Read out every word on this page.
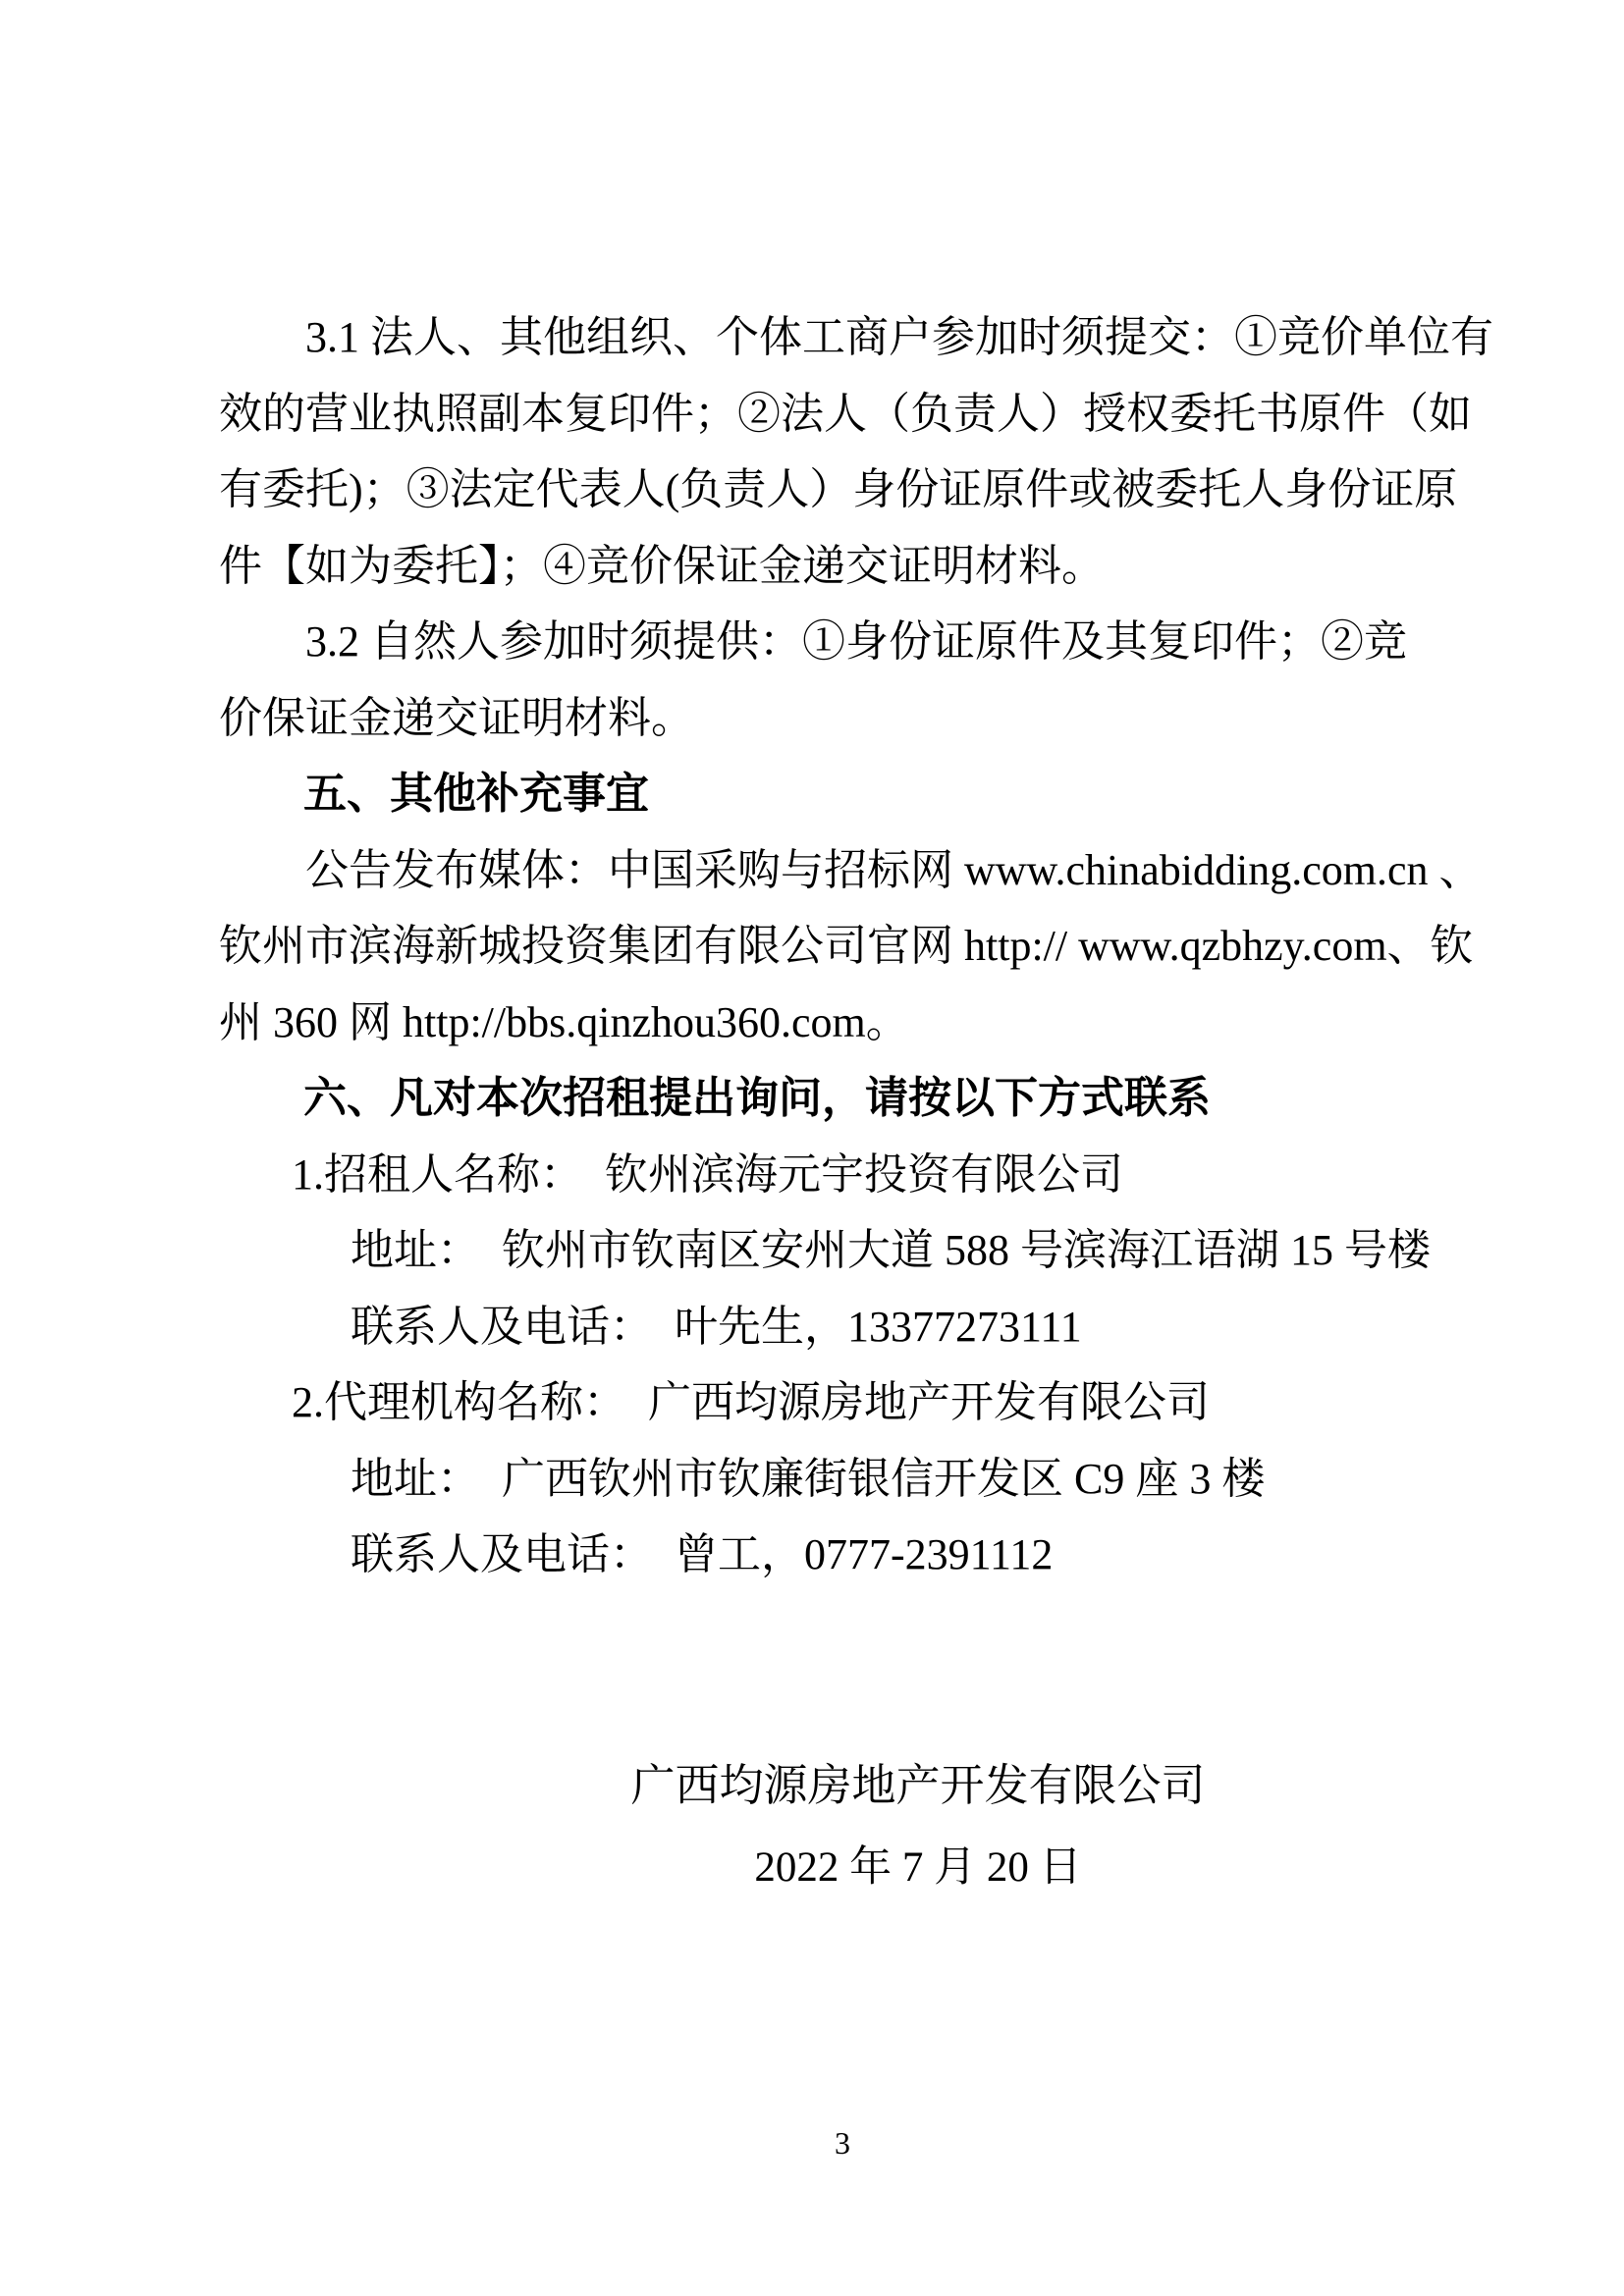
3.1 法人、其他组织、个体工商户参加时须提交：①竞价单位有
效的营业执照副本复印件；②法人（负责人）授权委托书原件（如
有委托)；③法定代表人(负责人）身份证原件或被委托人身份证原
件【如为委托】；④竞价保证金递交证明材料。
3.2 自然人参加时须提供：①身份证原件及其复印件；②竞
价保证金递交证明材料。
五、其他补充事宜
公告发布媒体：中国采购与招标网 www.chinabidding.com.cn 、
钦州市滨海新城投资集团有限公司官网 http:// www.qzbhzy.com、钦
州 360 网 http://bbs.qinzhou360.com。
六、凡对本次招租提出询问，请按以下方式联系
1.招租人名称：　钦州滨海元宇投资有限公司
地址：  钦州市钦南区安州大道 588 号滨海江语湖 15 号楼
联系人及电话：  叶先生，13377273111
2.代理机构名称：  广西均源房地产开发有限公司
地址：  广西钦州市钦廉街银信开发区 C9 座 3 楼
联系人及电话：  曾工，0777-2391112
广西均源房地产开发有限公司
2022 年 7 月 20 日
3
